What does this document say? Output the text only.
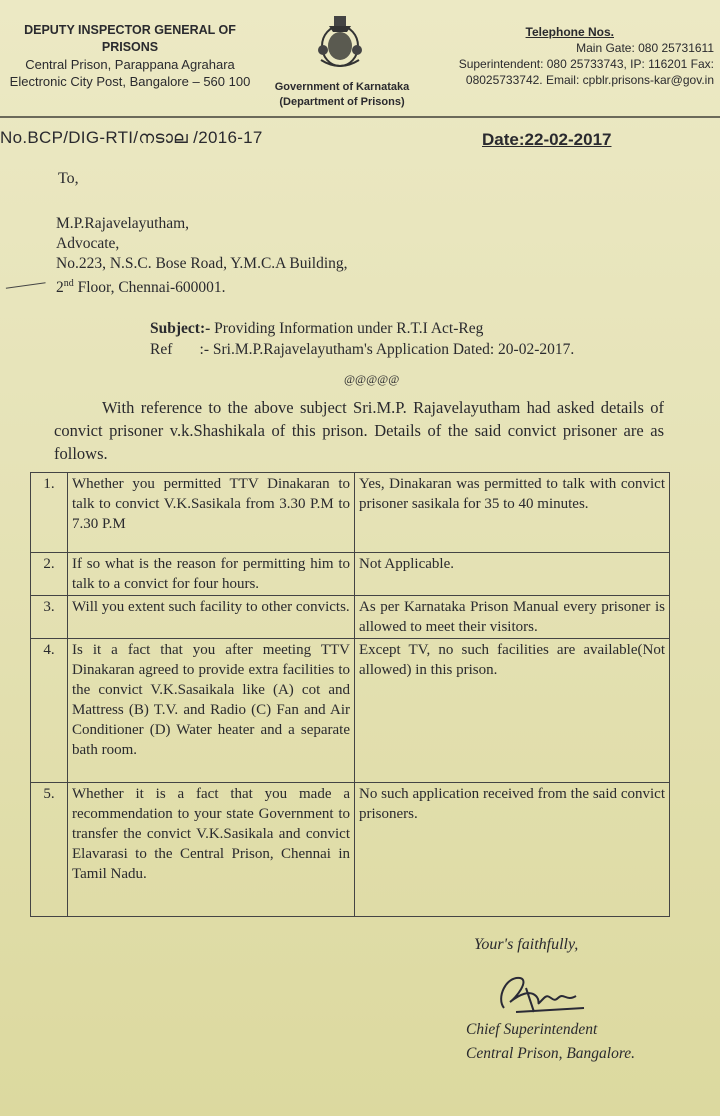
DEPUTY INSPECTOR GENERAL OF
PRISONS
Central Prison, Parappana Agrahara
Electronic City Post, Bangalore – 560 100	Government of Karnataka
(Department of Prisons)
Telephone Nos.
Main Gate: 080 25731611
Superintendent: 080 25733743, IP: 116201 Fax:
08025733742. Email: cpblr.prisons-kar@gov.in
No.BCP/DIG-RTI/നടാല /2016-17	Date:22-02-2017
To,
M.P.Rajavelayutham,
Advocate,
No.223, N.S.C. Bose Road, Y.M.C.A Building,
2nd Floor, Chennai-600001.
Subject:- Providing Information under R.T.I Act-Reg
Ref :- Sri.M.P.Rajavelayutham's Application Dated: 20-02-2017.
@@@@@
With reference to the above subject Sri.M.P. Rajavelayutham had asked details of convict prisoner v.k.Shashikala of this prison. Details of the said convict prisoner are as follows.
1.	Whether you permitted TTV Dinakaran to talk to convict V.K.Sasikala from 3.30 P.M to 7.30 P.M	Yes, Dinakaran was permitted to talk with convict prisoner sasikala for 35 to 40 minutes.
2.	If so what is the reason for permitting him to talk to a convict for four hours.	Not Applicable.
3.	Will you extent such facility to other convicts.	As per Karnataka Prison Manual every prisoner is allowed to meet their visitors.
4.	Is it a fact that you after meeting TTV Dinakaran agreed to provide extra facilities to the convict V.K.Sasaikala like (A) cot and Mattress (B) T.V. and Radio (C) Fan and Air Conditioner (D) Water heater and a separate bath room.	Except TV, no such facilities are available(Not allowed) in this prison.
5.	Whether it is a fact that you made a recommendation to your state Government to transfer the convict V.K.Sasikala and convict Elavarasi to the Central Prison, Chennai in Tamil Nadu.	No such application received from the said convict prisoners.
Your's faithfully,
Chief Superintendent
Central Prison, Bangalore.
